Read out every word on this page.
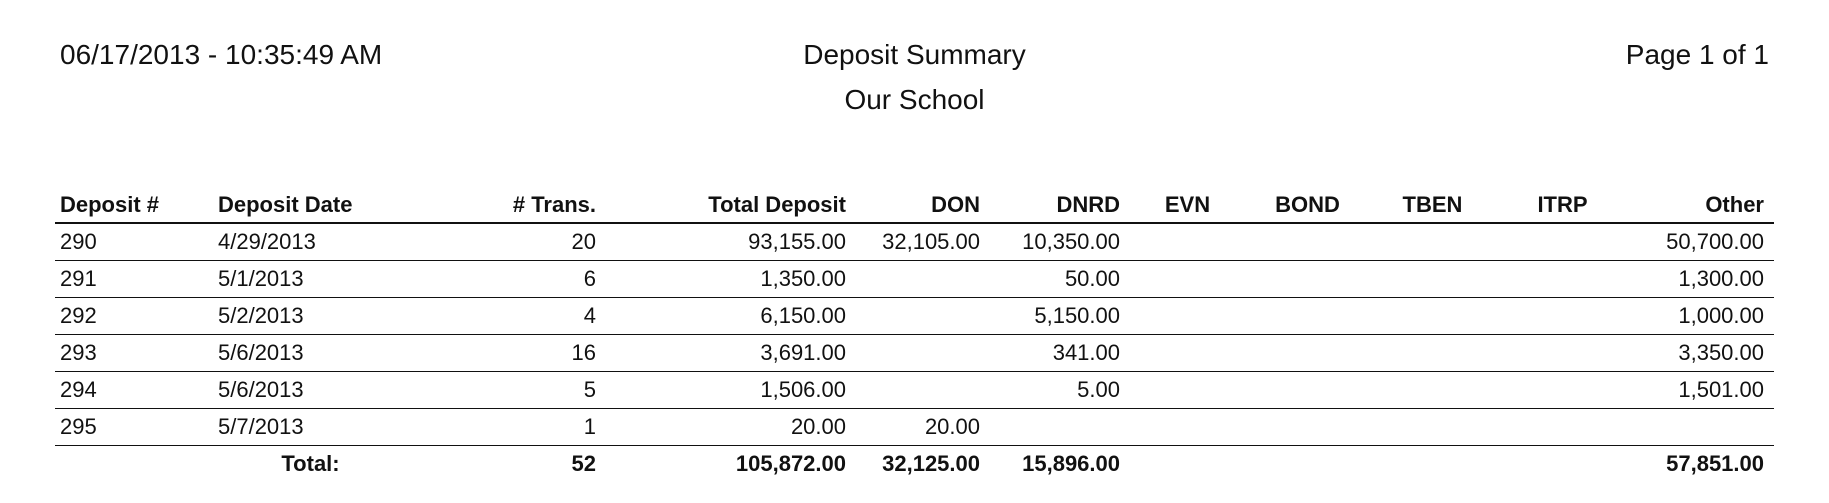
06/17/2013 - 10:35:49 AM	Deposit Summary
Our School
Page 1 of 1
Deposit #	Deposit Date	# Trans.	Total Deposit	DON	DNRD	EVN	BOND	TBEN	ITRP	Other
290	4/29/2013	20	93,155.00	32,105.00	10,350.00					50,700.00
291	5/1/2013	6	1,350.00		50.00					1,300.00
292	5/2/2013	4	6,150.00		5,150.00					1,000.00
293	5/6/2013	16	3,691.00		341.00					3,350.00
294	5/6/2013	5	1,506.00		5.00					1,501.00
295	5/7/2013	1	20.00	20.00						
	Total:	52	105,872.00	32,125.00	15,896.00					57,851.00
